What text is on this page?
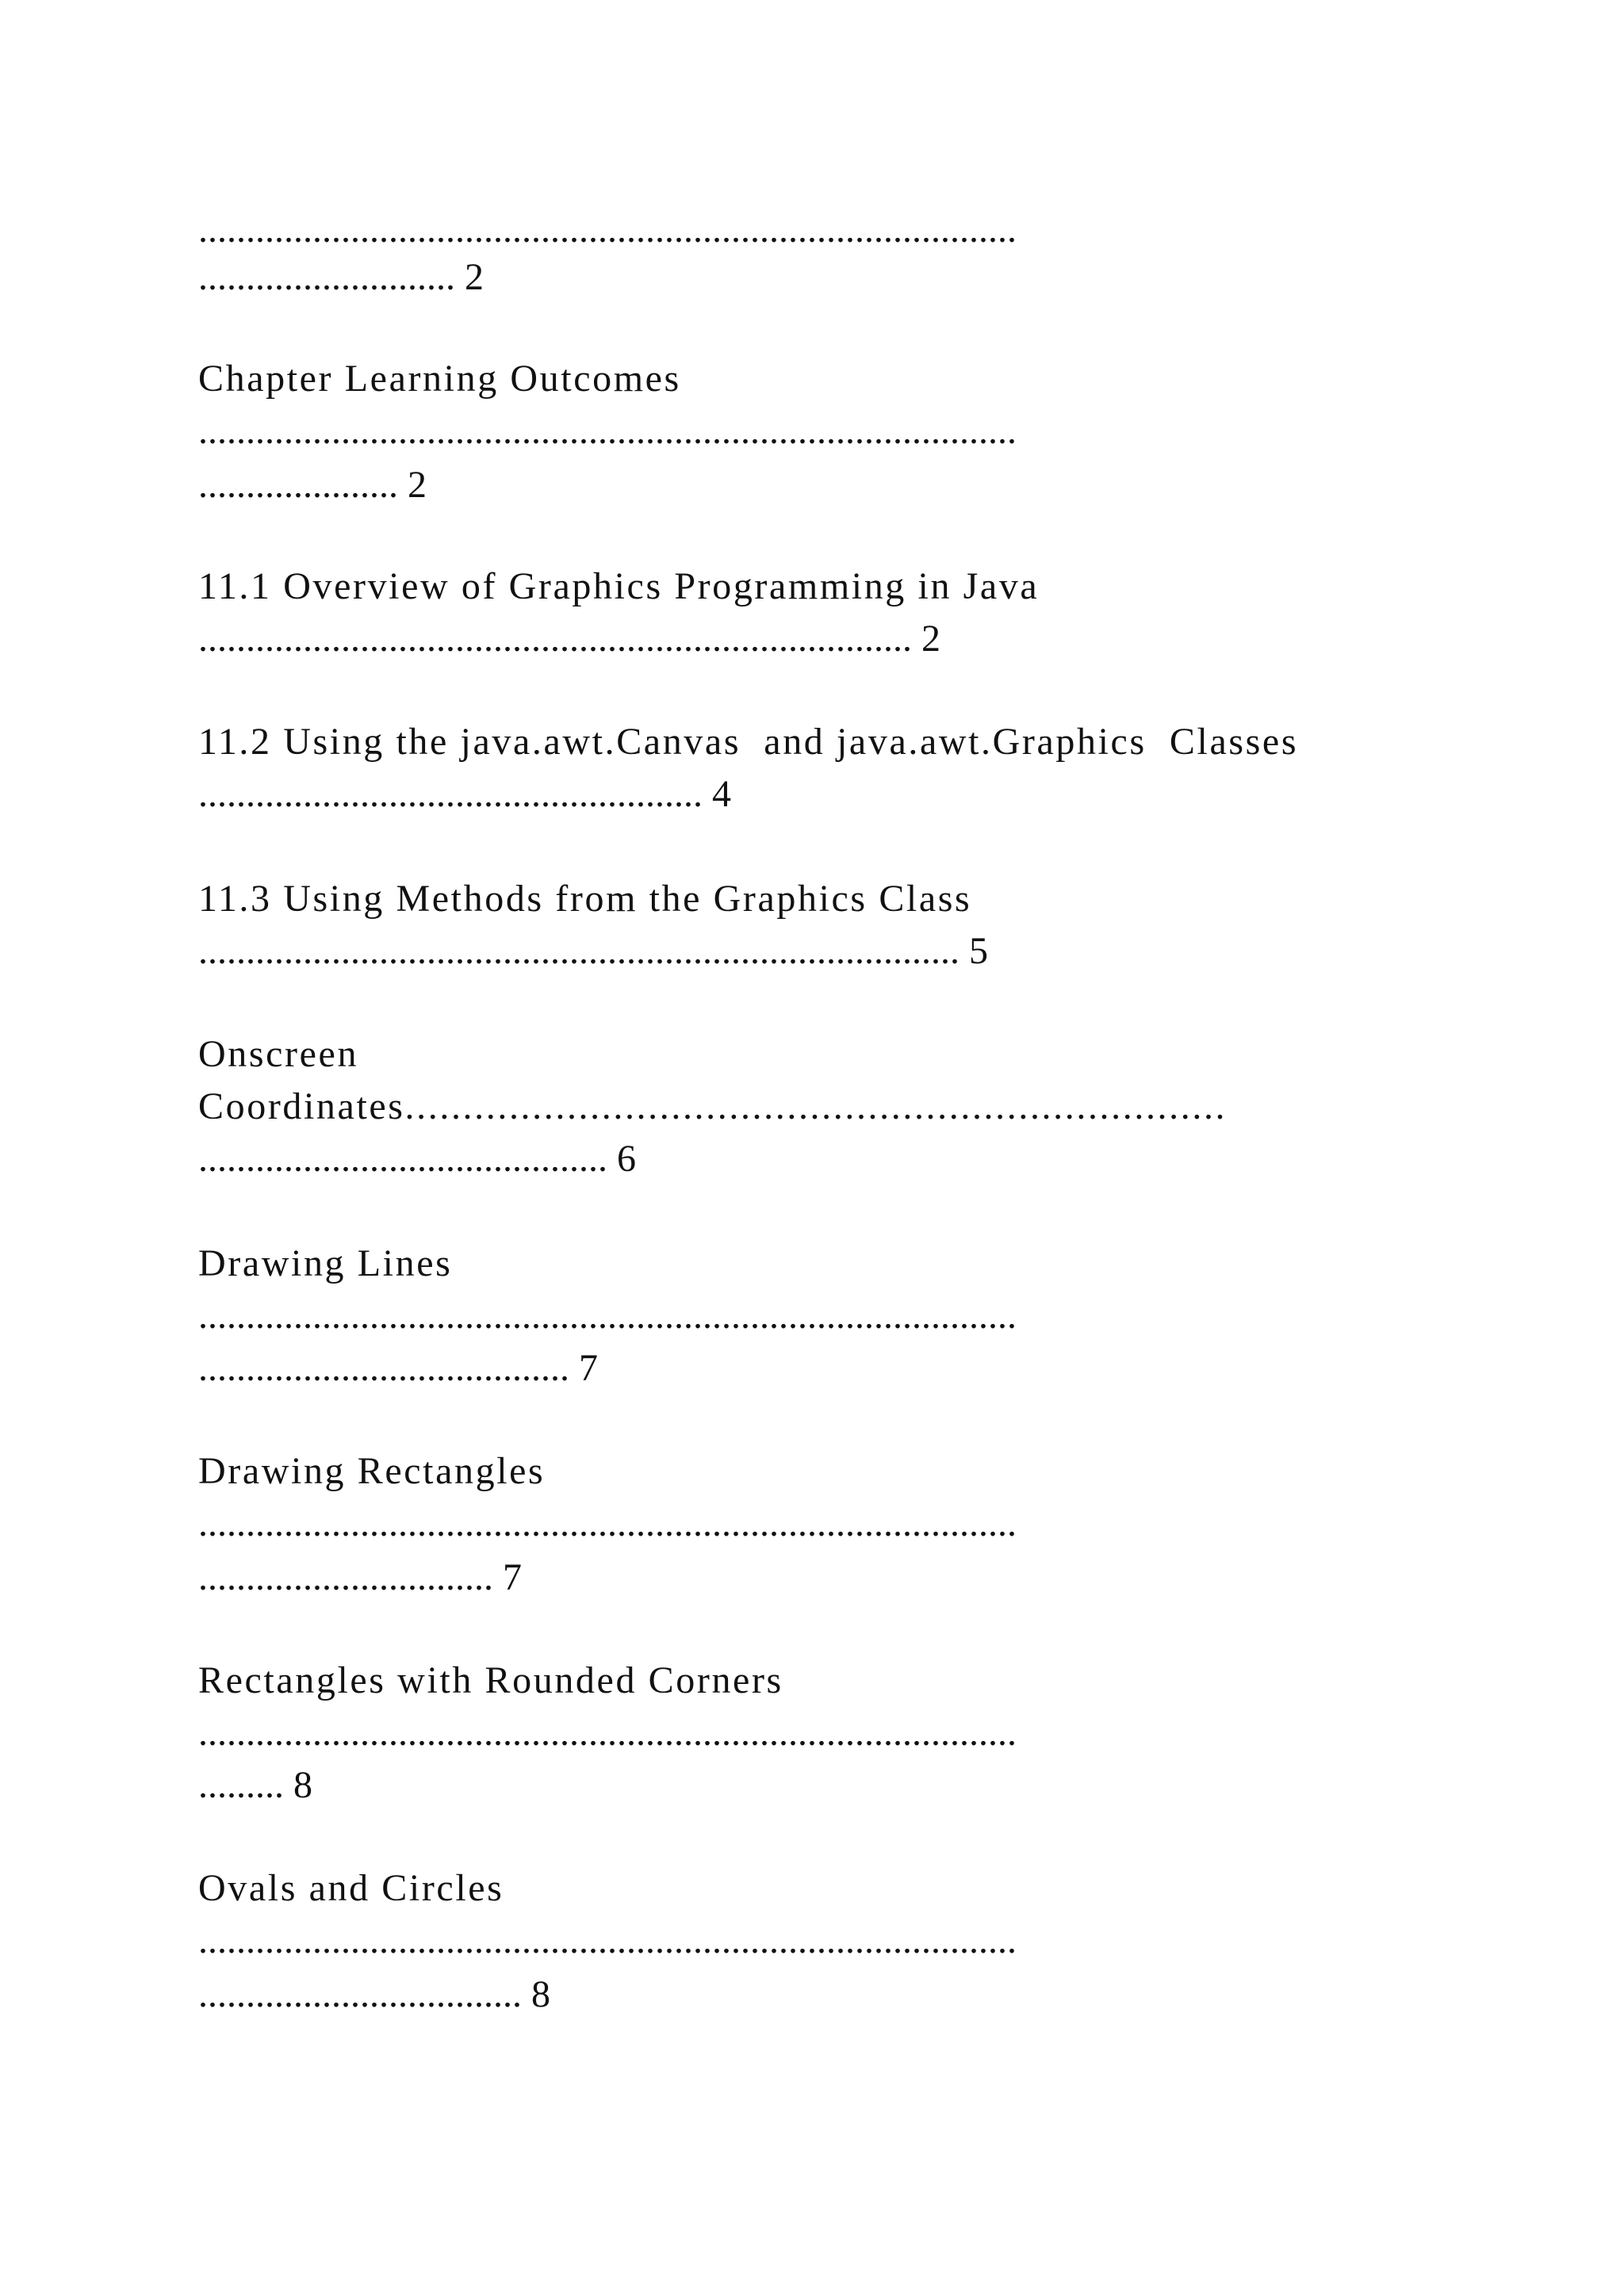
......................................................................................

........................... 2

Chapter Learning Outcomes

......................................................................................

..................... 2

11.1 Overview of Graphics Programming in Java

........................................................................... 2

11.2 Using the java.awt.Canvas  and java.awt.Graphics  Classes

..................................................... 4

11.3 Using Methods from the Graphics Class

................................................................................ 5

Onscreen

Coordinates.......................................................................

........................................... 6

Drawing Lines

......................................................................................

....................................... 7

Drawing Rectangles

......................................................................................

............................... 7

Rectangles with Rounded Corners

......................................................................................

......... 8

Ovals and Circles

......................................................................................

.................................. 8
